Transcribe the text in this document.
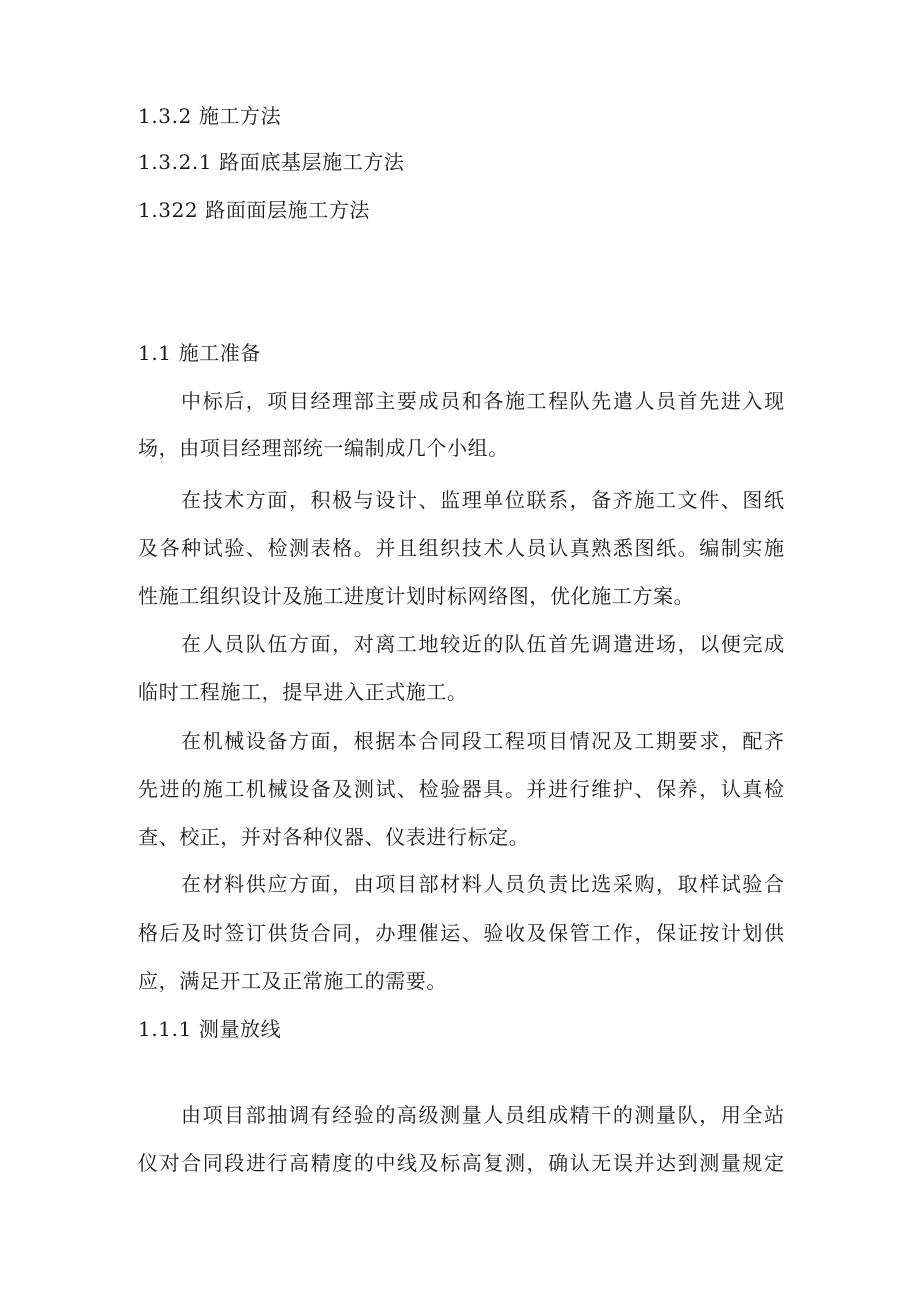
1.3.2 施工方法
1.3.2.1 路面底基层施工方法
1.322 路面面层施工方法
1.1 施工准备
中标后，项目经理部主要成员和各施工程队先遣人员首先进入现
场，由项目经理部统一编制成几个小组。
在技术方面，积极与设计、监理单位联系，备齐施工文件、图纸
及各种试验、检测表格。并且组织技术人员认真熟悉图纸。编制实施
性施工组织设计及施工进度计划时标网络图，优化施工方案。
在人员队伍方面，对离工地较近的队伍首先调遣进场，以便完成
临时工程施工，提早进入正式施工。
在机械设备方面，根据本合同段工程项目情况及工期要求，配齐
先进的施工机械设备及测试、检验器具。并进行维护、保养，认真检
查、校正，并对各种仪器、仪表进行标定。
在材料供应方面，由项目部材料人员负责比选采购，取样试验合
格后及时签订供货合同，办理催运、验收及保管工作，保证按计划供
应，满足开工及正常施工的需要。
1.1.1 测量放线
由项目部抽调有经验的高级测量人员组成精干的测量队，用全站
仪对合同段进行高精度的中线及标高复测，确认无误并达到测量规定
